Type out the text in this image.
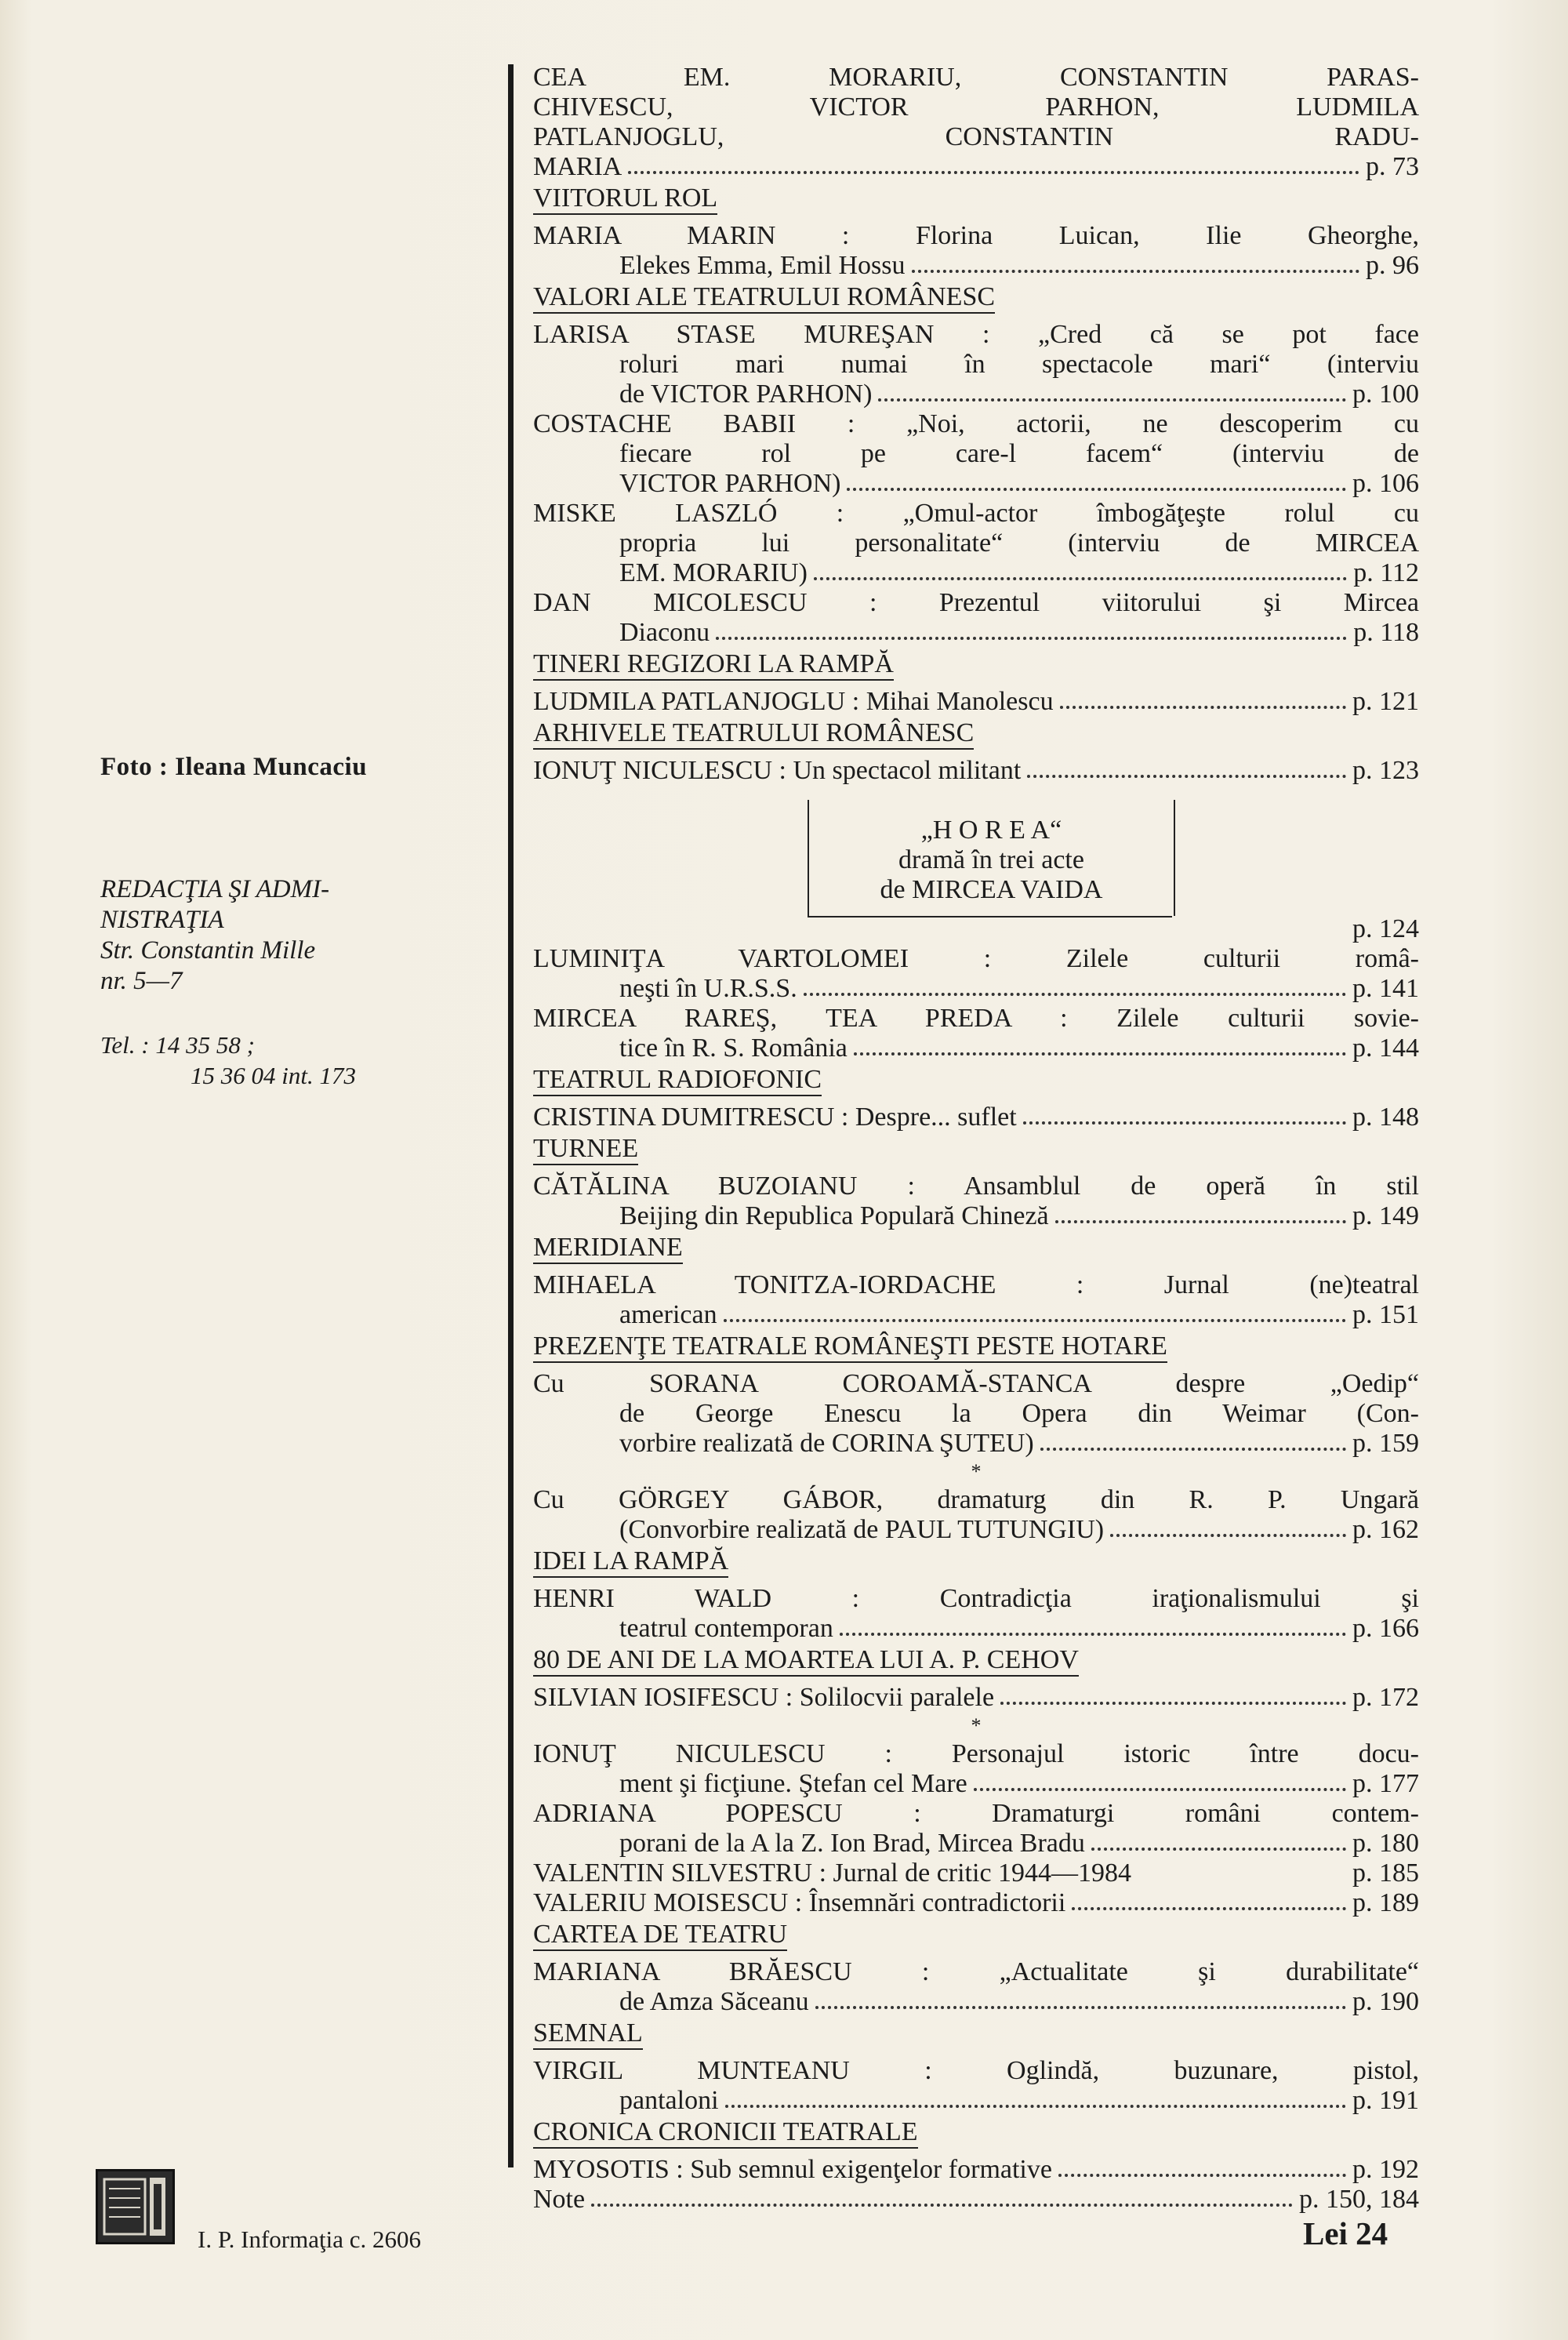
Foto : Ileana Muncaciu
REDACŢIA ŞI ADMI-
NISTRAŢIA
Str. Constantin Mille
nr. 5—7
Tel. : 14 35 58 ;
15 36 04 int. 173
CEA EM. MORARIU, CONSTANTIN PARAS-
CHIVESCU, VICTOR PARHON, LUDMILA
PATLANJOGLU, CONSTANTIN RADU-
MARIA	p. 73
VIITORUL ROL

MARIA MARIN : Florina Luican, Ilie Gheorghe,
Elekes Emma, Emil Hossu	p. 96
VALORI ALE TEATRULUI ROMÂNESC

LARISA STASE MUREŞAN : „Cred că se pot face
roluri mari numai în spectacole mari“ (interviu
de VICTOR PARHON)	p. 100
COSTACHE BABII : „Noi, actorii, ne descoperim cu
fiecare rol pe care-l facem“ (interviu de
VICTOR PARHON)	p. 106
MISKE LASZLÓ : „Omul-actor îmbogăţeşte rolul cu
propria lui personalitate“ (interviu de MIRCEA
EM. MORARIU)	p. 112
DAN MICOLESCU : Prezentul viitorului şi Mircea
Diaconu	p. 118
TINERI REGIZORI LA RAMPĂ

LUDMILA PATLANJOGLU : Mihai Manolescu	p. 121
ARHIVELE TEATRULUI ROMÂNESC

IONUŢ NICULESCU : Un spectacol militant	p. 123
„H O R E A“
dramă în trei acte
de MIRCEA VAIDA
p. 124
LUMINIŢA VARTOLOMEI : Zilele culturii româ-
neşti în U.R.S.S.	p. 141
MIRCEA RAREŞ, TEA PREDA : Zilele culturii sovie-
tice în R. S. România	p. 144
TEATRUL RADIOFONIC

CRISTINA DUMITRESCU : Despre... suflet	p. 148
TURNEE

CĂTĂLINA BUZOIANU : Ansamblul de operă în stil
Beijing din Republica Populară Chineză	p. 149
MERIDIANE

MIHAELA TONITZA-IORDACHE : Jurnal (ne)teatral
american	p. 151
PREZENŢE TEATRALE ROMÂNEŞTI PESTE HOTARE

Cu SORANA COROAMĂ-STANCA despre „Oedip“
de George Enescu la Opera din Weimar (Con-
vorbire realizată de CORINA ŞUTEU)	p. 159
*
Cu GÖRGEY GÁBOR, dramaturg din R. P. Ungară
(Convorbire realizată de PAUL TUTUNGIU)	p. 162
IDEI LA RAMPĂ

HENRI WALD : Contradicţia iraţionalismului şi
teatrul contemporan	p. 166
80 DE ANI DE LA MOARTEA LUI A. P. CEHOV

SILVIAN IOSIFESCU : Solilocvii paralele	p. 172
*
IONUŢ NICULESCU : Personajul istoric între docu-
ment şi ficţiune. Ştefan cel Mare	p. 177
ADRIANA POPESCU : Dramaturgi români contem-
porani de la A la Z. Ion Brad, Mircea Bradu	p. 180
VALENTIN SILVESTRU : Jurnal de critic 1944—1984	p. 185
VALERIU MOISESCU : Însemnări contradictorii	p. 189
CARTEA DE TEATRU

MARIANA BRĂESCU : „Actualitate şi durabilitate“
de Amza Săceanu	p. 190
SEMNAL

VIRGIL MUNTEANU : Oglindă, buzunare, pistol,
pantaloni	p. 191
CRONICA CRONICII TEATRALE

MYOSOTIS : Sub semnul exigenţelor formative	p. 192
Note	p. 150, 184
I. P. Informaţia c. 2606	Lei 24
